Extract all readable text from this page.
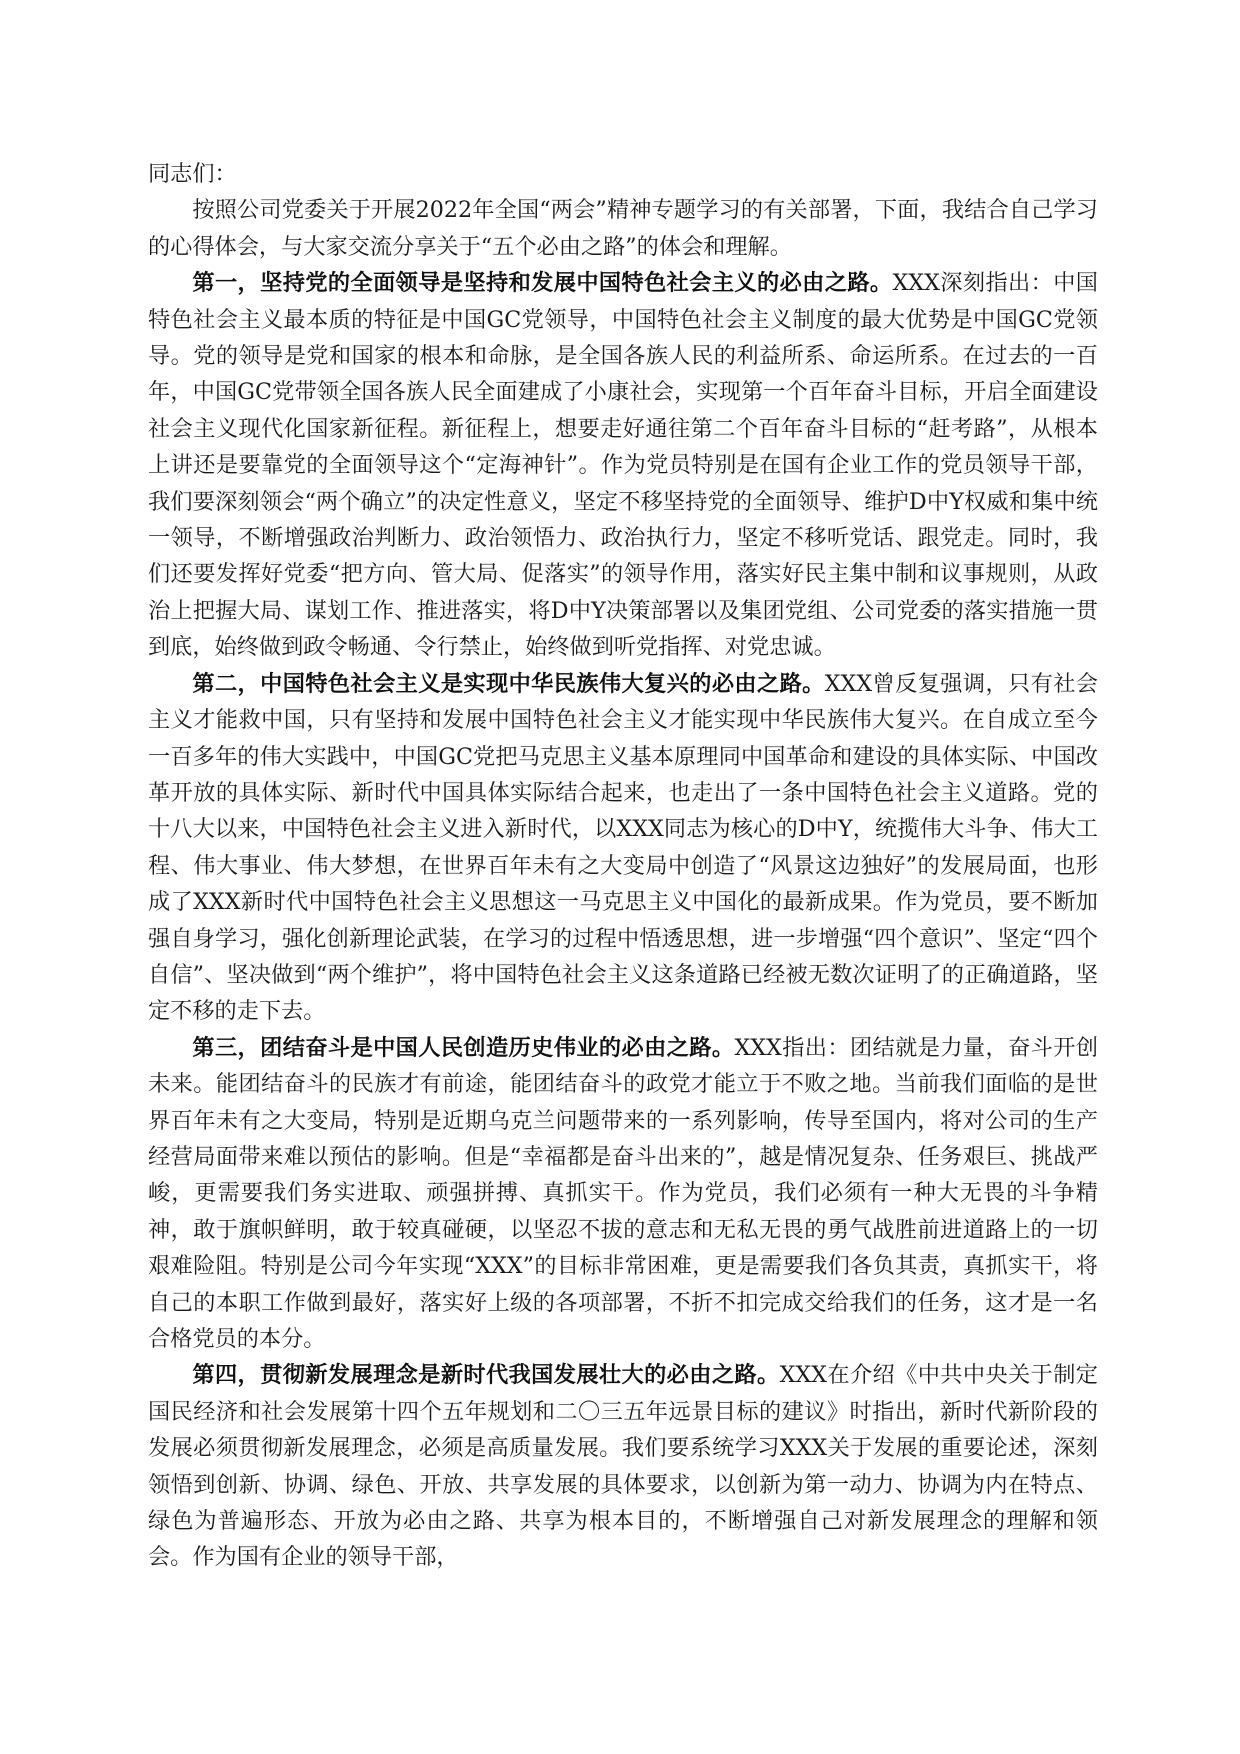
同志们：

按照公司党委关于开展2022年全国“两会”精神专题学习的有关部署，下面，我结合自己学习的心得体会，与大家交流分享关于“五个必由之路”的体会和理解。

第一，坚持党的全面领导是坚持和发展中国特色社会主义的必由之路。XXX深刻指出：中国特色社会主义最本质的特征是中国GC党领导，中国特色社会主义制度的最大优势是中国GC党领导。党的领导是党和国家的根本和命脉，是全国各族人民的利益所系、命运所系。在过去的一百年，中国GC党带领全国各族人民全面建成了小康社会，实现第一个百年奋斗目标，开启全面建设社会主义现代化国家新征程。新征程上，想要走好通往第二个百年奋斗目标的“赶考路”，从根本上讲还是要靠党的全面领导这个“定海神针”。作为党员特别是在国有企业工作的党员领导干部，我们要深刻领会“两个确立”的决定性意义，坚定不移坚持党的全面领导、维护D中Y权威和集中统一领导，不断增强政治判断力、政治领悟力、政治执行力，坚定不移听党话、跟党走。同时，我们还要发挥好党委“把方向、管大局、促落实”的领导作用，落实好民主集中制和议事规则，从政治上把握大局、谋划工作、推进落实，将D中Y决策部署以及集团党组、公司党委的落实措施一贯到底，始终做到政令畅通、令行禁止，始终做到听党指挥、对党忠诚。

第二，中国特色社会主义是实现中华民族伟大复兴的必由之路。XXX曾反复强调，只有社会主义才能救中国，只有坚持和发展中国特色社会主义才能实现中华民族伟大复兴。在自成立至今一百多年的伟大实践中，中国GC党把马克思主义基本原理同中国革命和建设的具体实际、中国改革开放的具体实际、新时代中国具体实际结合起来，也走出了一条中国特色社会主义道路。党的十八大以来，中国特色社会主义进入新时代，以XXX同志为核心的D中Y，统揽伟大斗争、伟大工程、伟大事业、伟大梦想，在世界百年未有之大变局中创造了“风景这边独好”的发展局面，也形成了XXX新时代中国特色社会主义思想这一马克思主义中国化的最新成果。作为党员，要不断加强自身学习，强化创新理论武装，在学习的过程中悟透思想，进一步增强“四个意识”、坚定“四个自信”、坚决做到“两个维护”，将中国特色社会主义这条道路已经被无数次证明了的正确道路，坚定不移的走下去。

第三，团结奋斗是中国人民创造历史伟业的必由之路。XXX指出：团结就是力量，奋斗开创未来。能团结奋斗的民族才有前途，能团结奋斗的政党才能立于不败之地。当前我们面临的是世界百年未有之大变局，特别是近期乌克兰问题带来的一系列影响，传导至国内，将对公司的生产经营局面带来难以预估的影响。但是“幸福都是奋斗出来的”，越是情况复杂、任务艰巨、挑战严峻，更需要我们务实进取、顽强拼搏、真抓实干。作为党员，我们必须有一种大无畏的斗争精神，敢于旗帜鲜明，敢于较真碰硬，以坚忍不拔的意志和无私无畏的勇气战胜前进道路上的一切艰难险阻。特别是公司今年实现“XXX”的目标非常困难，更是需要我们各负其责，真抓实干，将自己的本职工作做到最好，落实好上级的各项部署，不折不扣完成交给我们的任务，这才是一名合格党员的本分。

第四，贯彻新发展理念是新时代我国发展壮大的必由之路。XXX在介绍《中共中央关于制定国民经济和社会发展第十四个五年规划和二〇三五年远景目标的建议》时指出，新时代新阶段的发展必须贯彻新发展理念，必须是高质量发展。我们要系统学习XXX关于发展的重要论述，深刻领悟到创新、协调、绿色、开放、共享发展的具体要求，以创新为第一动力、协调为内在特点、绿色为普遍形态、开放为必由之路、共享为根本目的，不断增强自己对新发展理念的理解和领会。作为国有企业的领导干部，
